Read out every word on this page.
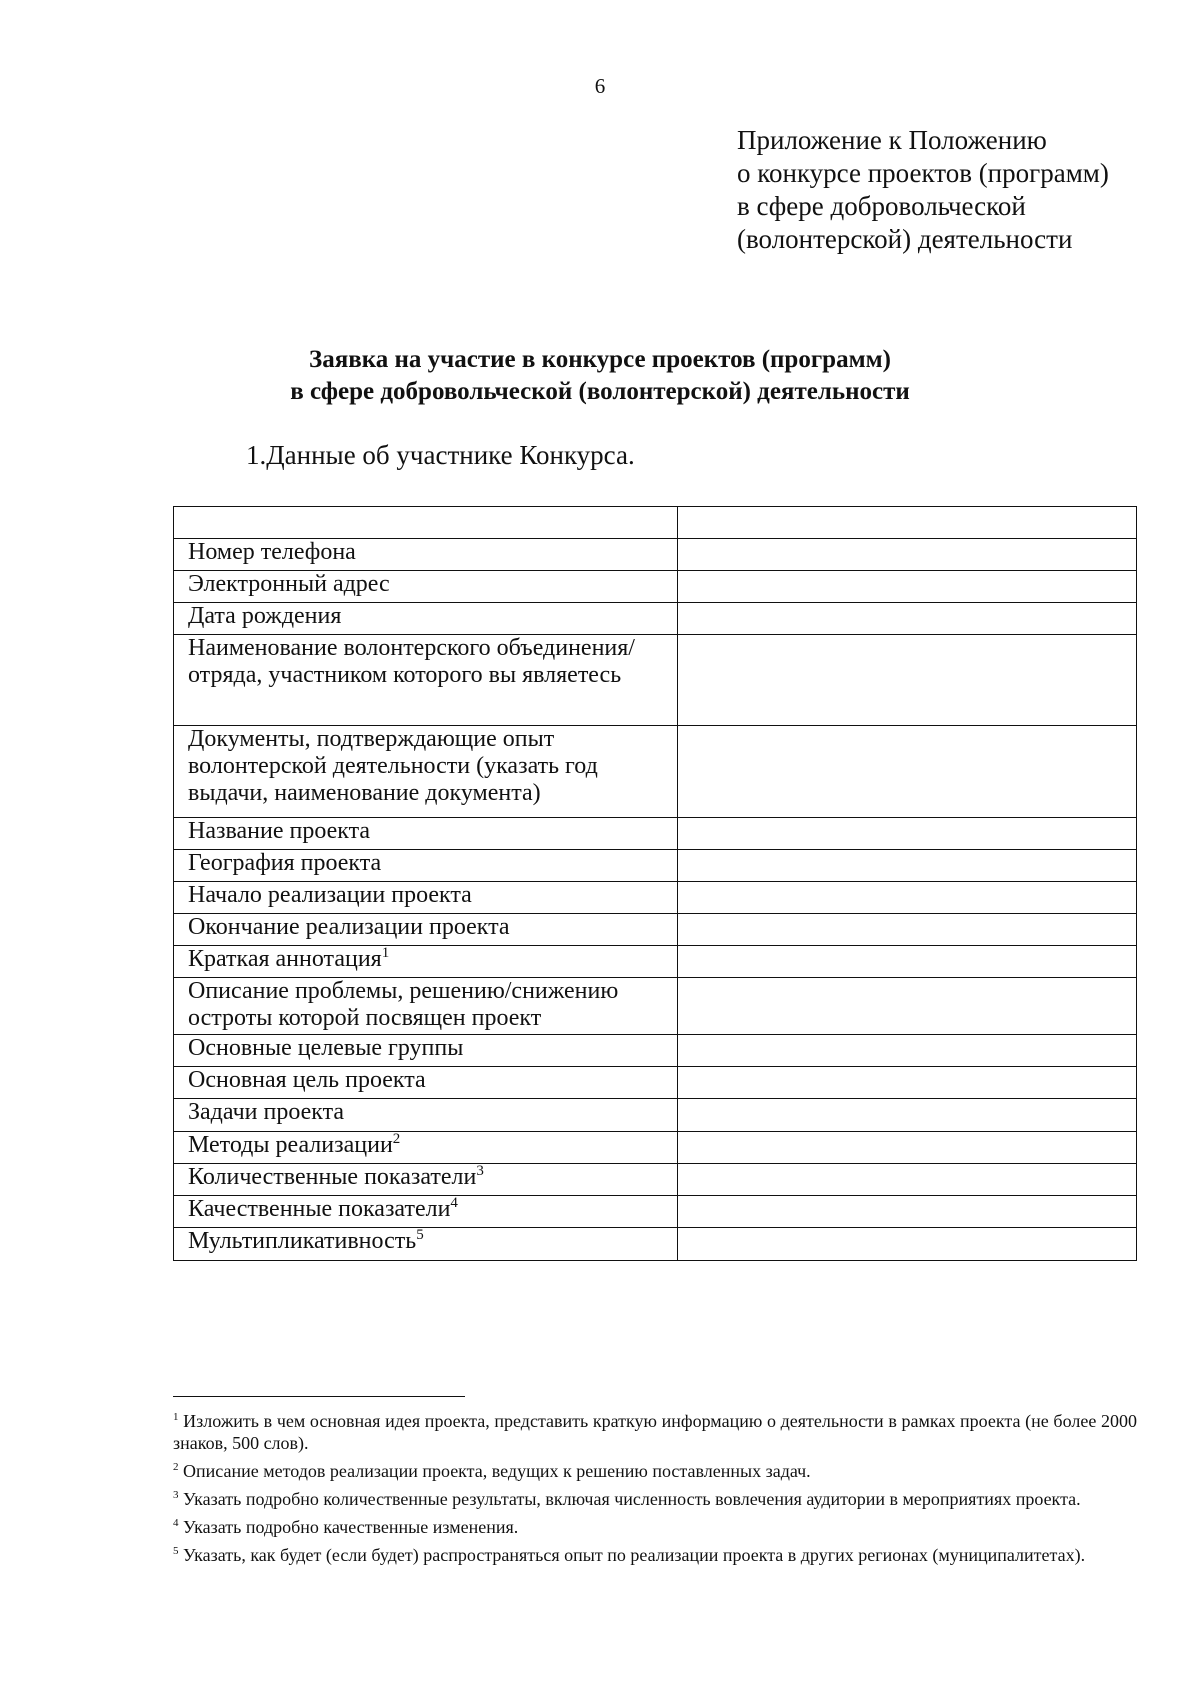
6
Приложение к Положению
о конкурсе проектов (программ)
в сфере добровольческой
(волонтерской) деятельности
Заявка на участие в конкурсе проектов (программ)
в сфере добровольческой (волонтерской) деятельности
1.Данные об участнике Конкурса.

Номер телефона	
Электронный адрес	
Дата рождения	
Наименование волонтерского объединения/отряда, участником которого вы являетесь	
Документы, подтверждающие опыт волонтерской деятельности (указать год выдачи, наименование документа)	
Название проекта	
География проекта	
Начало реализации проекта	
Окончание реализации проекта	
Краткая аннотация$^1$	
Описание проблемы, решению/снижению остроты которой посвящен проект	
Основные целевые группы	
Основная цель проекта	
Задачи проекта	
Методы реализации$^2$	
Количественные показатели$^3$	
Качественные показатели$^4$	
Мультипликативность$^5$	

$^1$ Изложить в чем основная идея проекта, представить краткую информацию о деятельности в рамках проекта (не более 2000 знаков, 500 слов).

$^2$ Описание методов реализации проекта, ведущих к решению поставленных задач.

$^3$ Указать подробно количественные результаты, включая численность вовлечения аудитории в мероприятиях проекта.

$^4$ Указать подробно качественные изменения.

$^5$ Указать, как будет (если будет) распространяться опыт по реализации проекта в других регионах (муниципалитетах).
